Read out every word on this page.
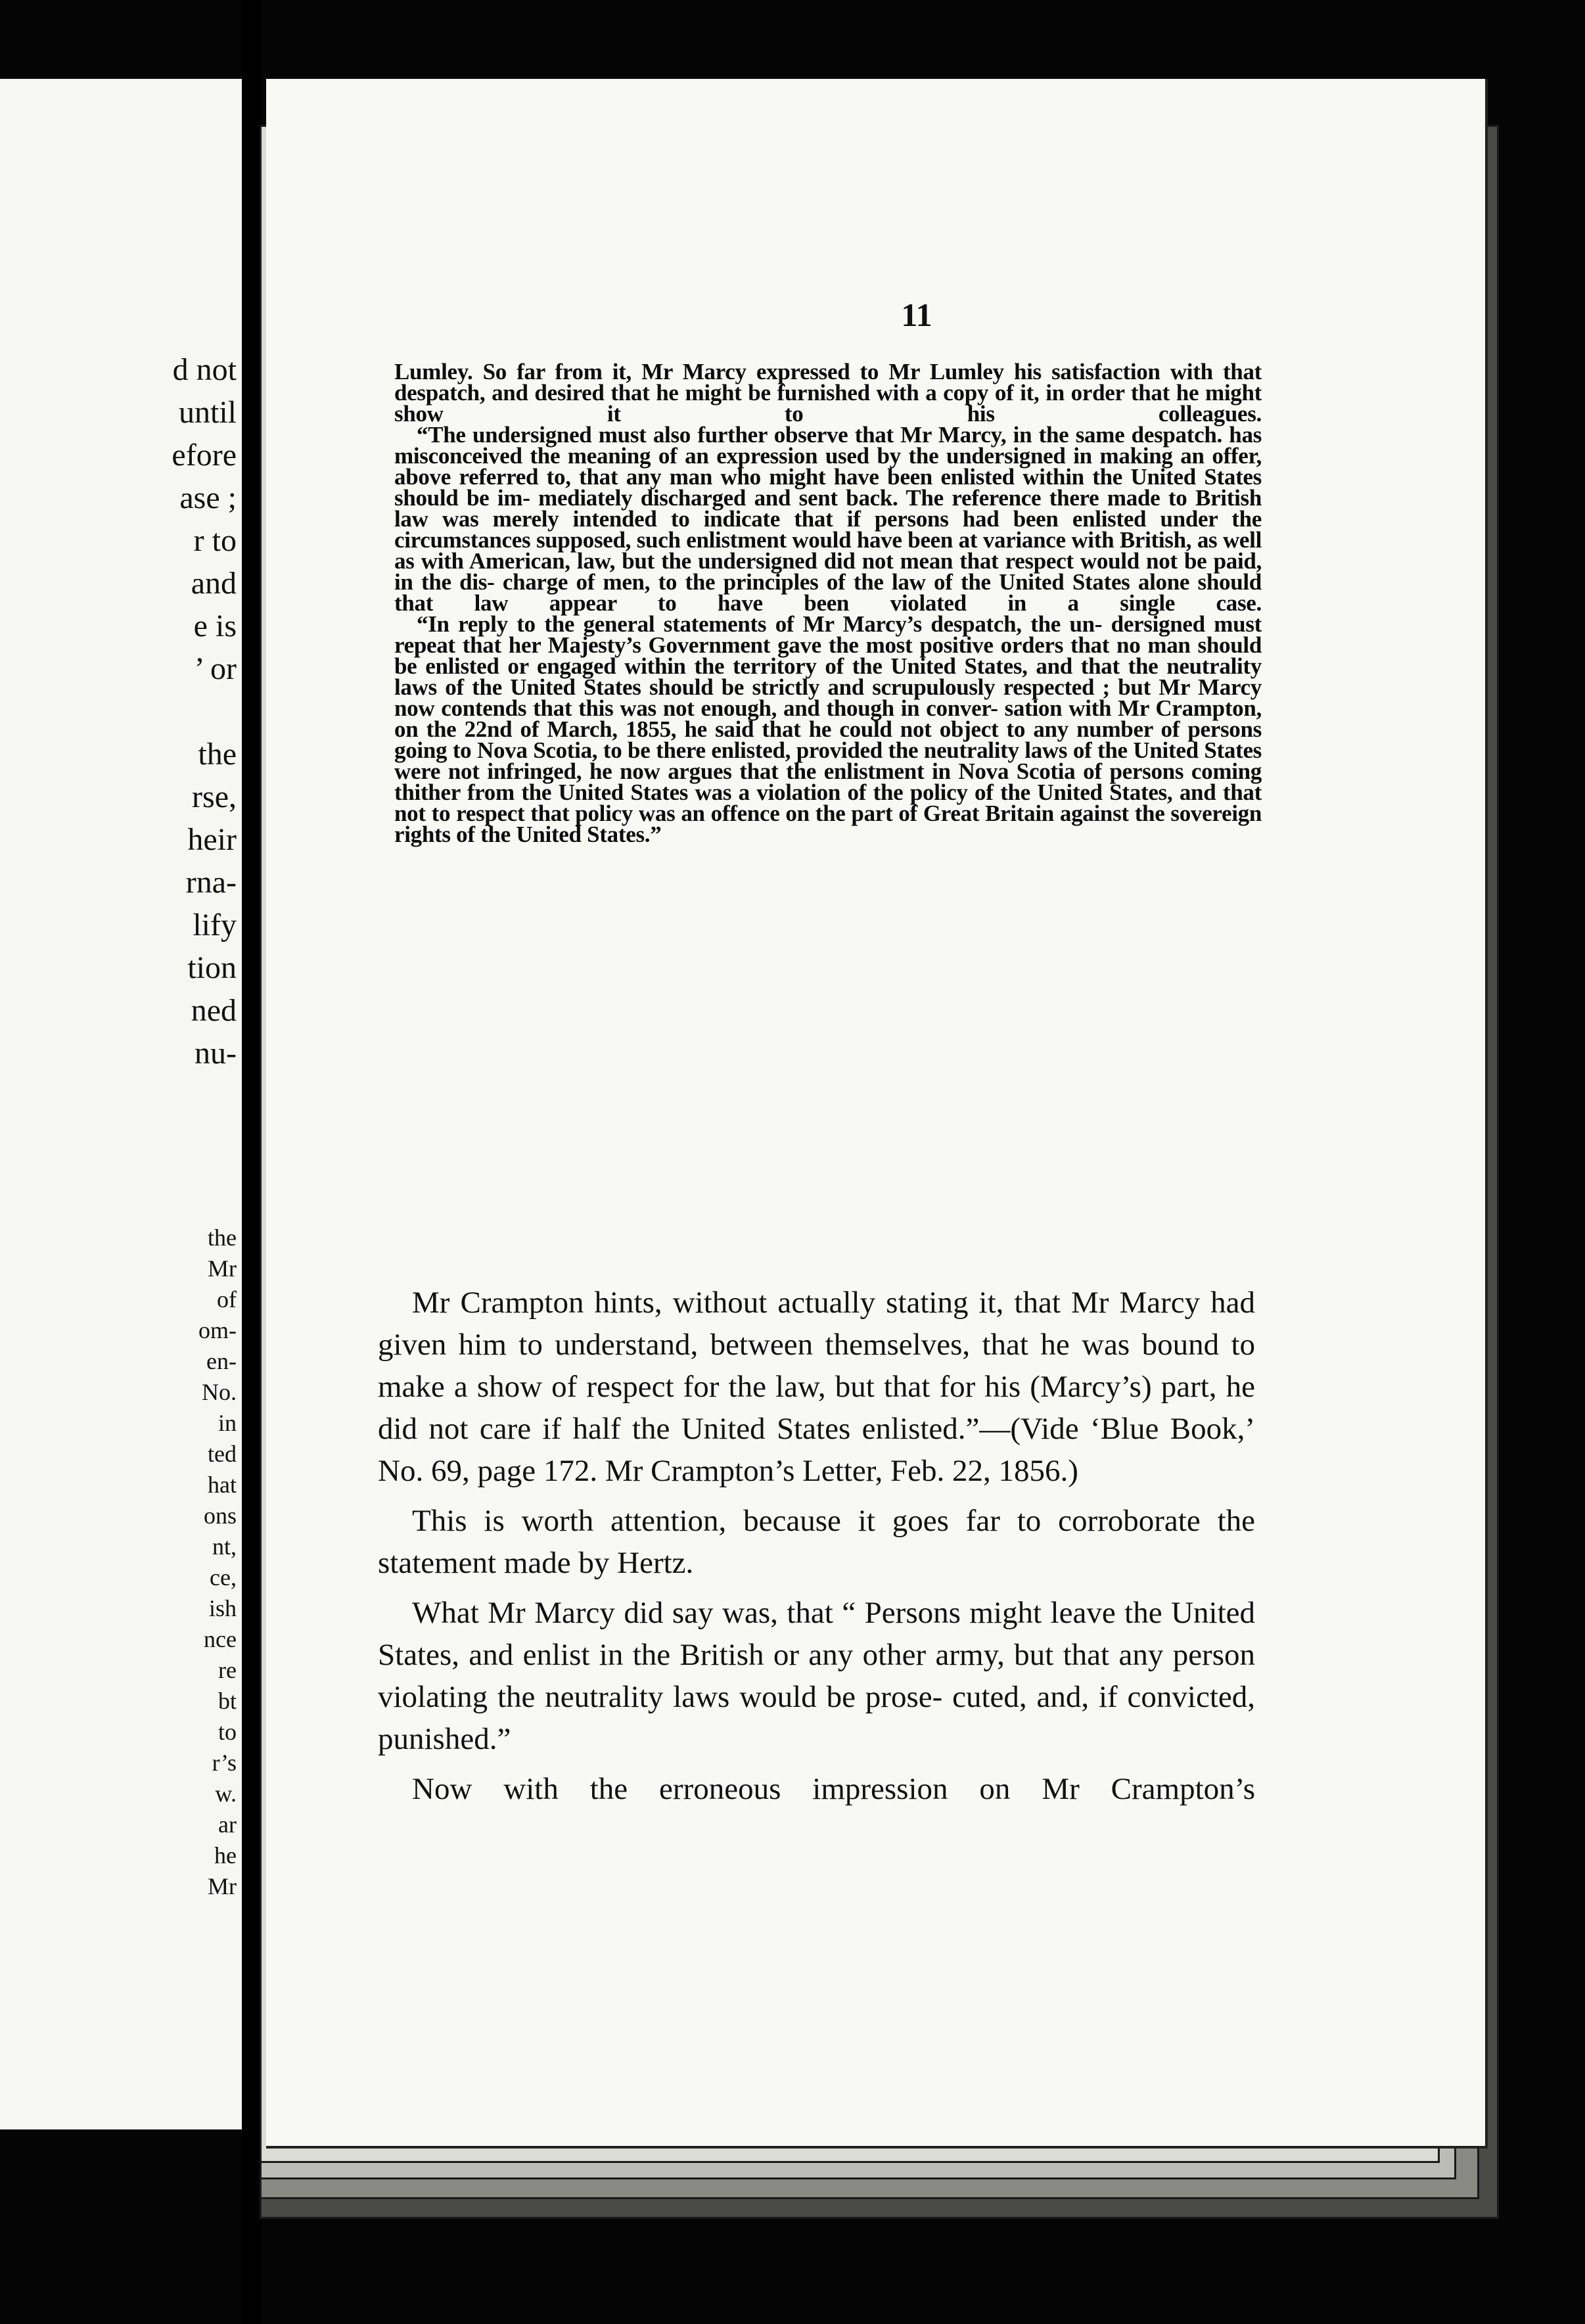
d not
until
efore
ase ;
r to
and
e is
’ or

the
rse,
heir
rna-
lify
tion
ned
nu-
the
Mr
of
om-
en-
No.
in
ted
hat
ons
nt,
ce,
ish
nce
re
bt
to
r’s
w.
ar
he
Mr
11

Lumley. So far from it, Mr Marcy expressed to Mr Lumley his satisfaction with that despatch, and desired that he might be furnished with a copy of it, in order that he might show it to his	colleagues.

“The undersigned must also further observe that Mr Marcy, in the same despatch. has misconceived the meaning of an expression used by the undersigned in making an offer, above referred to, that any man who might have been enlisted within the United States should be im- mediately discharged and sent back. The reference there made to British law was merely intended to indicate that if persons had been enlisted under the circumstances supposed, such enlistment would have been at variance with British, as well as with American, law, but the undersigned did not mean that respect would not be paid, in the dis- charge of men, to the principles of the law of the United States alone should that law appear to have been violated in a single case.

“In reply to the general statements of Mr Marcy’s despatch, the un- dersigned must repeat that her Majesty’s Government gave the most positive orders that no man should be enlisted or engaged within the territory of the United States, and that the neutrality laws of the United States should be strictly and scrupulously respected ; but Mr Marcy now contends that this was not enough, and though in conver- sation with Mr Crampton, on the 22nd of March, 1855, he said that he could not object to any number of persons going to Nova Scotia, to be there enlisted, provided the neutrality laws of the United States were not infringed, he now argues that the enlistment in Nova Scotia of persons coming thither from the United States was a violation of the policy of the United States, and that not to respect that policy was an offence on the part of Great Britain against the sovereign rights of the United States.”

Mr Crampton hints, without actually stating it, that Mr Marcy had given him to understand, between themselves, that he was bound to make a show of respect for the law, but that for his (Marcy’s) part, he did not care if half the United States enlisted.”—(Vide ‘Blue Book,’ No. 69, page 172. Mr Crampton’s Letter, Feb. 22, 1856.)

This is worth attention, because it goes far to corroborate the statement made by Hertz.

What Mr Marcy did say was, that “ Persons might leave the United States, and enlist in the British or any other army, but that any person violating the neutrality laws would be prose- cuted, and, if convicted, punished.”

Now with the erroneous impression on Mr Crampton’s
